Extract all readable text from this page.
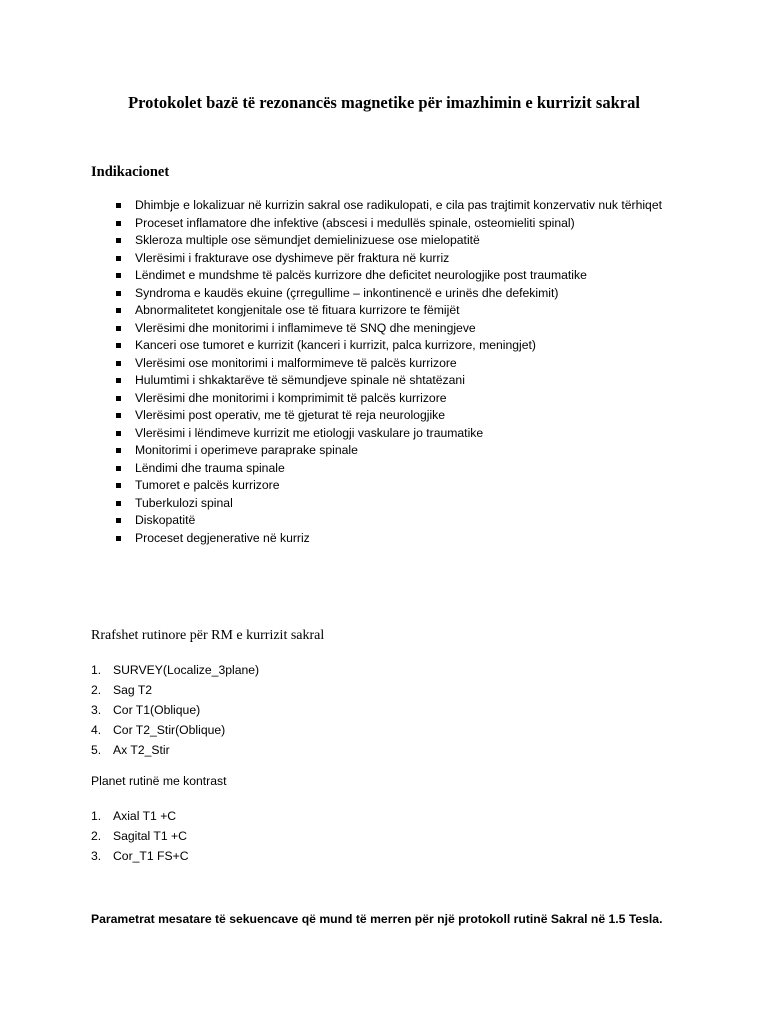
Protokolet bazë të rezonancës magnetike për imazhimin e kurrizit sakral
Indikacionet
Dhimbje e lokalizuar në kurrizin sakral ose radikulopati, e cila pas trajtimit konzervativ nuk tërhiqet
Proceset inflamatore dhe infektive (abscesi i medullës spinale, osteomieliti spinal)
Skleroza multiple ose sëmundjet demielinizuese ose mielopatitë
Vlerësimi i frakturave ose dyshimeve për fraktura në kurriz
Lëndimet e mundshme të palcës kurrizore dhe deficitet neurologjike post traumatike
Syndroma e kaudës ekuine (çrregullime – inkontinencë e urinës dhe defekimit)
Abnormalitetet kongjenitale ose të fituara kurrizore te fëmijët
Vlerësimi dhe monitorimi i inflamimeve të SNQ dhe meningjeve
Kanceri ose tumoret e kurrizit (kanceri i kurrizit, palca kurrizore, meningjet)
Vlerësimi ose monitorimi i malformimeve të palcës kurrizore
Hulumtimi i shkaktarëve të sëmundjeve spinale në shtatëzani
Vlerësimi dhe monitorimi i komprimimit të palcës kurrizore
Vlerësimi post operativ, me të gjeturat të reja neurologjike
Vlerësimi i lëndimeve kurrizit me etiologji vaskulare jo traumatike
Monitorimi i operimeve paraprake spinale
Lëndimi dhe trauma spinale
Tumoret e palcës kurrizore
Tuberkulozi spinal
Diskopatitë
Proceset degjenerative në kurriz
Rrafshet rutinore për RM e kurrizit sakral
1. SURVEY(Localize_3plane)
2. Sag T2
3. Cor T1(Oblique)
4. Cor T2_Stir(Oblique)
5. Ax T2_Stir

Planet rutinë me kontrast

1. Axial T1 +C
2. Sagital T1 +C
3. Cor_T1 FS+C

Parametrat mesatare të sekuencave që mund të merren për një protokoll rutinë Sakral në 1.5 Tesla.
